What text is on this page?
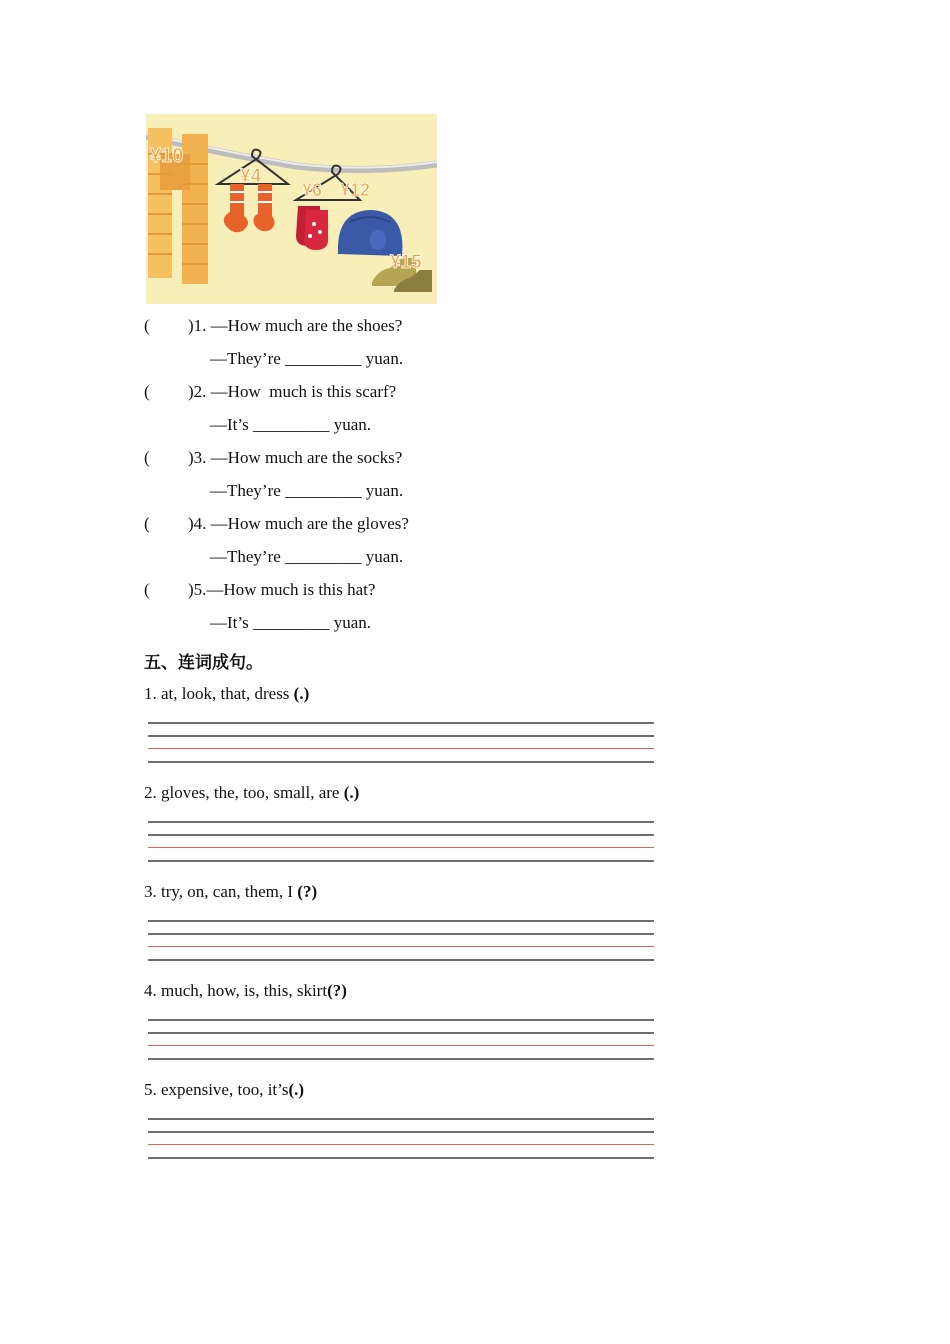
¥10
¥4
¥6 ¥12
¥15
( )1. —How much are the shoes?
—They’re _________ yuan.
( )2. —How  much is this scarf?
—It’s _________ yuan.
( )3. —How much are the socks?
—They’re _________ yuan.
( )4. —How much are the gloves?
—They’re _________ yuan.
( )5.—How much is this hat?
—It’s _________ yuan.
五、连词成句。
1. at, look, that, dress (.)
2. gloves, the, too, small, are (.)
3. try, on, can, them, I (?)
4. much, how, is, this, skirt(?)
5. expensive, too, it’s(.)
